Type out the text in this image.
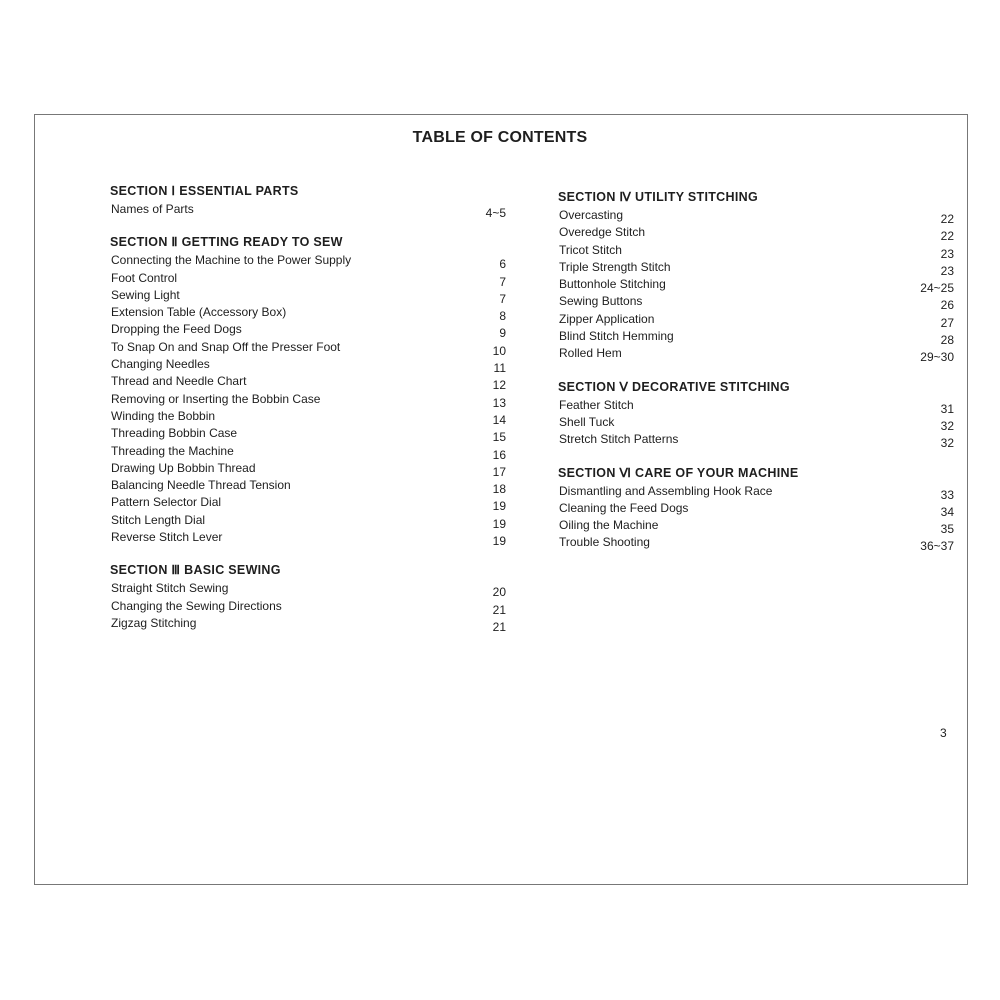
TABLE OF CONTENTS
SECTION Ⅰ ESSENTIAL PARTS
Names of Parts	4~5
SECTION Ⅱ GETTING READY TO SEW
Connecting the Machine to the Power Supply	6
Foot Control	7
Sewing Light	7
Extension Table (Accessory Box)	8
Dropping the Feed Dogs	9
To Snap On and Snap Off the Presser Foot	10
Changing Needles	11
Thread and Needle Chart	12
Removing or Inserting the Bobbin Case	13
Winding the Bobbin	14
Threading Bobbin Case	15
Threading the Machine	16
Drawing Up Bobbin Thread	17
Balancing Needle Thread Tension	18
Pattern Selector Dial	19
Stitch Length Dial	19
Reverse Stitch Lever	19
SECTION Ⅲ BASIC SEWING
Straight Stitch Sewing	20
Changing the Sewing Directions	21
Zigzag Stitching	21
SECTION Ⅳ UTILITY STITCHING
Overcasting	22
Overedge Stitch	22
Tricot Stitch	23
Triple Strength Stitch	23
Buttonhole Stitching	24~25
Sewing Buttons	26
Zipper Application	27
Blind Stitch Hemming	28
Rolled Hem	29~30
SECTION Ⅴ DECORATIVE STITCHING
Feather Stitch	31
Shell Tuck	32
Stretch Stitch Patterns	32
SECTION Ⅵ CARE OF YOUR MACHINE
Dismantling and Assembling Hook Race	33
Cleaning the Feed Dogs	34
Oiling the Machine	35
Trouble Shooting	36~37
3
